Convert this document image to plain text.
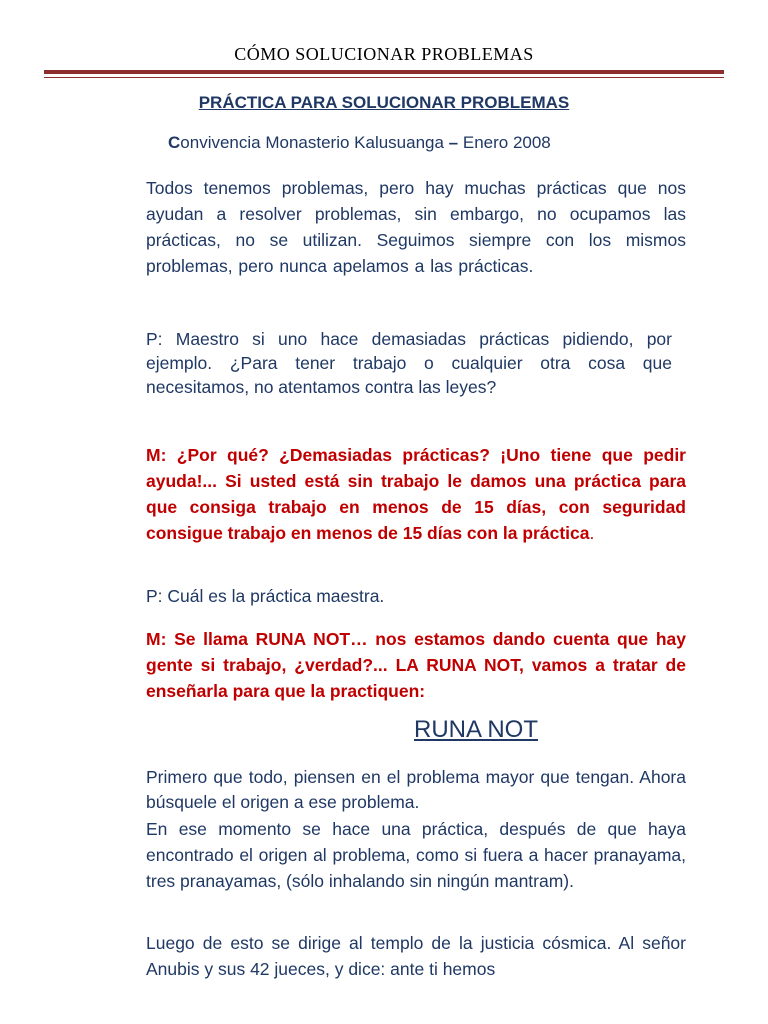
CÓMO SOLUCIONAR PROBLEMAS
PRÁCTICA PARA SOLUCIONAR PROBLEMAS
Convivencia Monasterio Kalusuanga – Enero 2008

Todos tenemos problemas, pero hay muchas prácticas que nos ayudan a resolver problemas, sin embargo, no ocupamos las prácticas, no se utilizan. Seguimos siempre con los mismos problemas, pero nunca apelamos a las prácticas.

P: Maestro si uno hace demasiadas prácticas pidiendo, por ejemplo. ¿Para tener trabajo o cualquier otra cosa que necesitamos, no atentamos contra las leyes?

M: ¿Por qué? ¿Demasiadas prácticas? ¡Uno tiene que pedir ayuda!... Si usted está sin trabajo le damos una práctica para que consiga trabajo en menos de 15 días, con seguridad consigue trabajo en menos de 15 días con la práctica.

P: Cuál es la práctica maestra.

M: Se llama RUNA NOT… nos estamos dando cuenta que hay gente si trabajo, ¿verdad?... LA RUNA NOT, vamos a tratar de enseñarla para que la practiquen:

RUNA NOT

Primero que todo, piensen en el problema mayor que tengan. Ahora búsquele el origen a ese problema.

En ese momento se hace una práctica, después de que haya encontrado el origen al problema, como si fuera a hacer pranayama, tres pranayamas, (sólo inhalando sin ningún mantram).

Luego de esto se dirige al templo de la justicia cósmica. Al señor Anubis y sus 42 jueces, y dice: ante ti hemos
